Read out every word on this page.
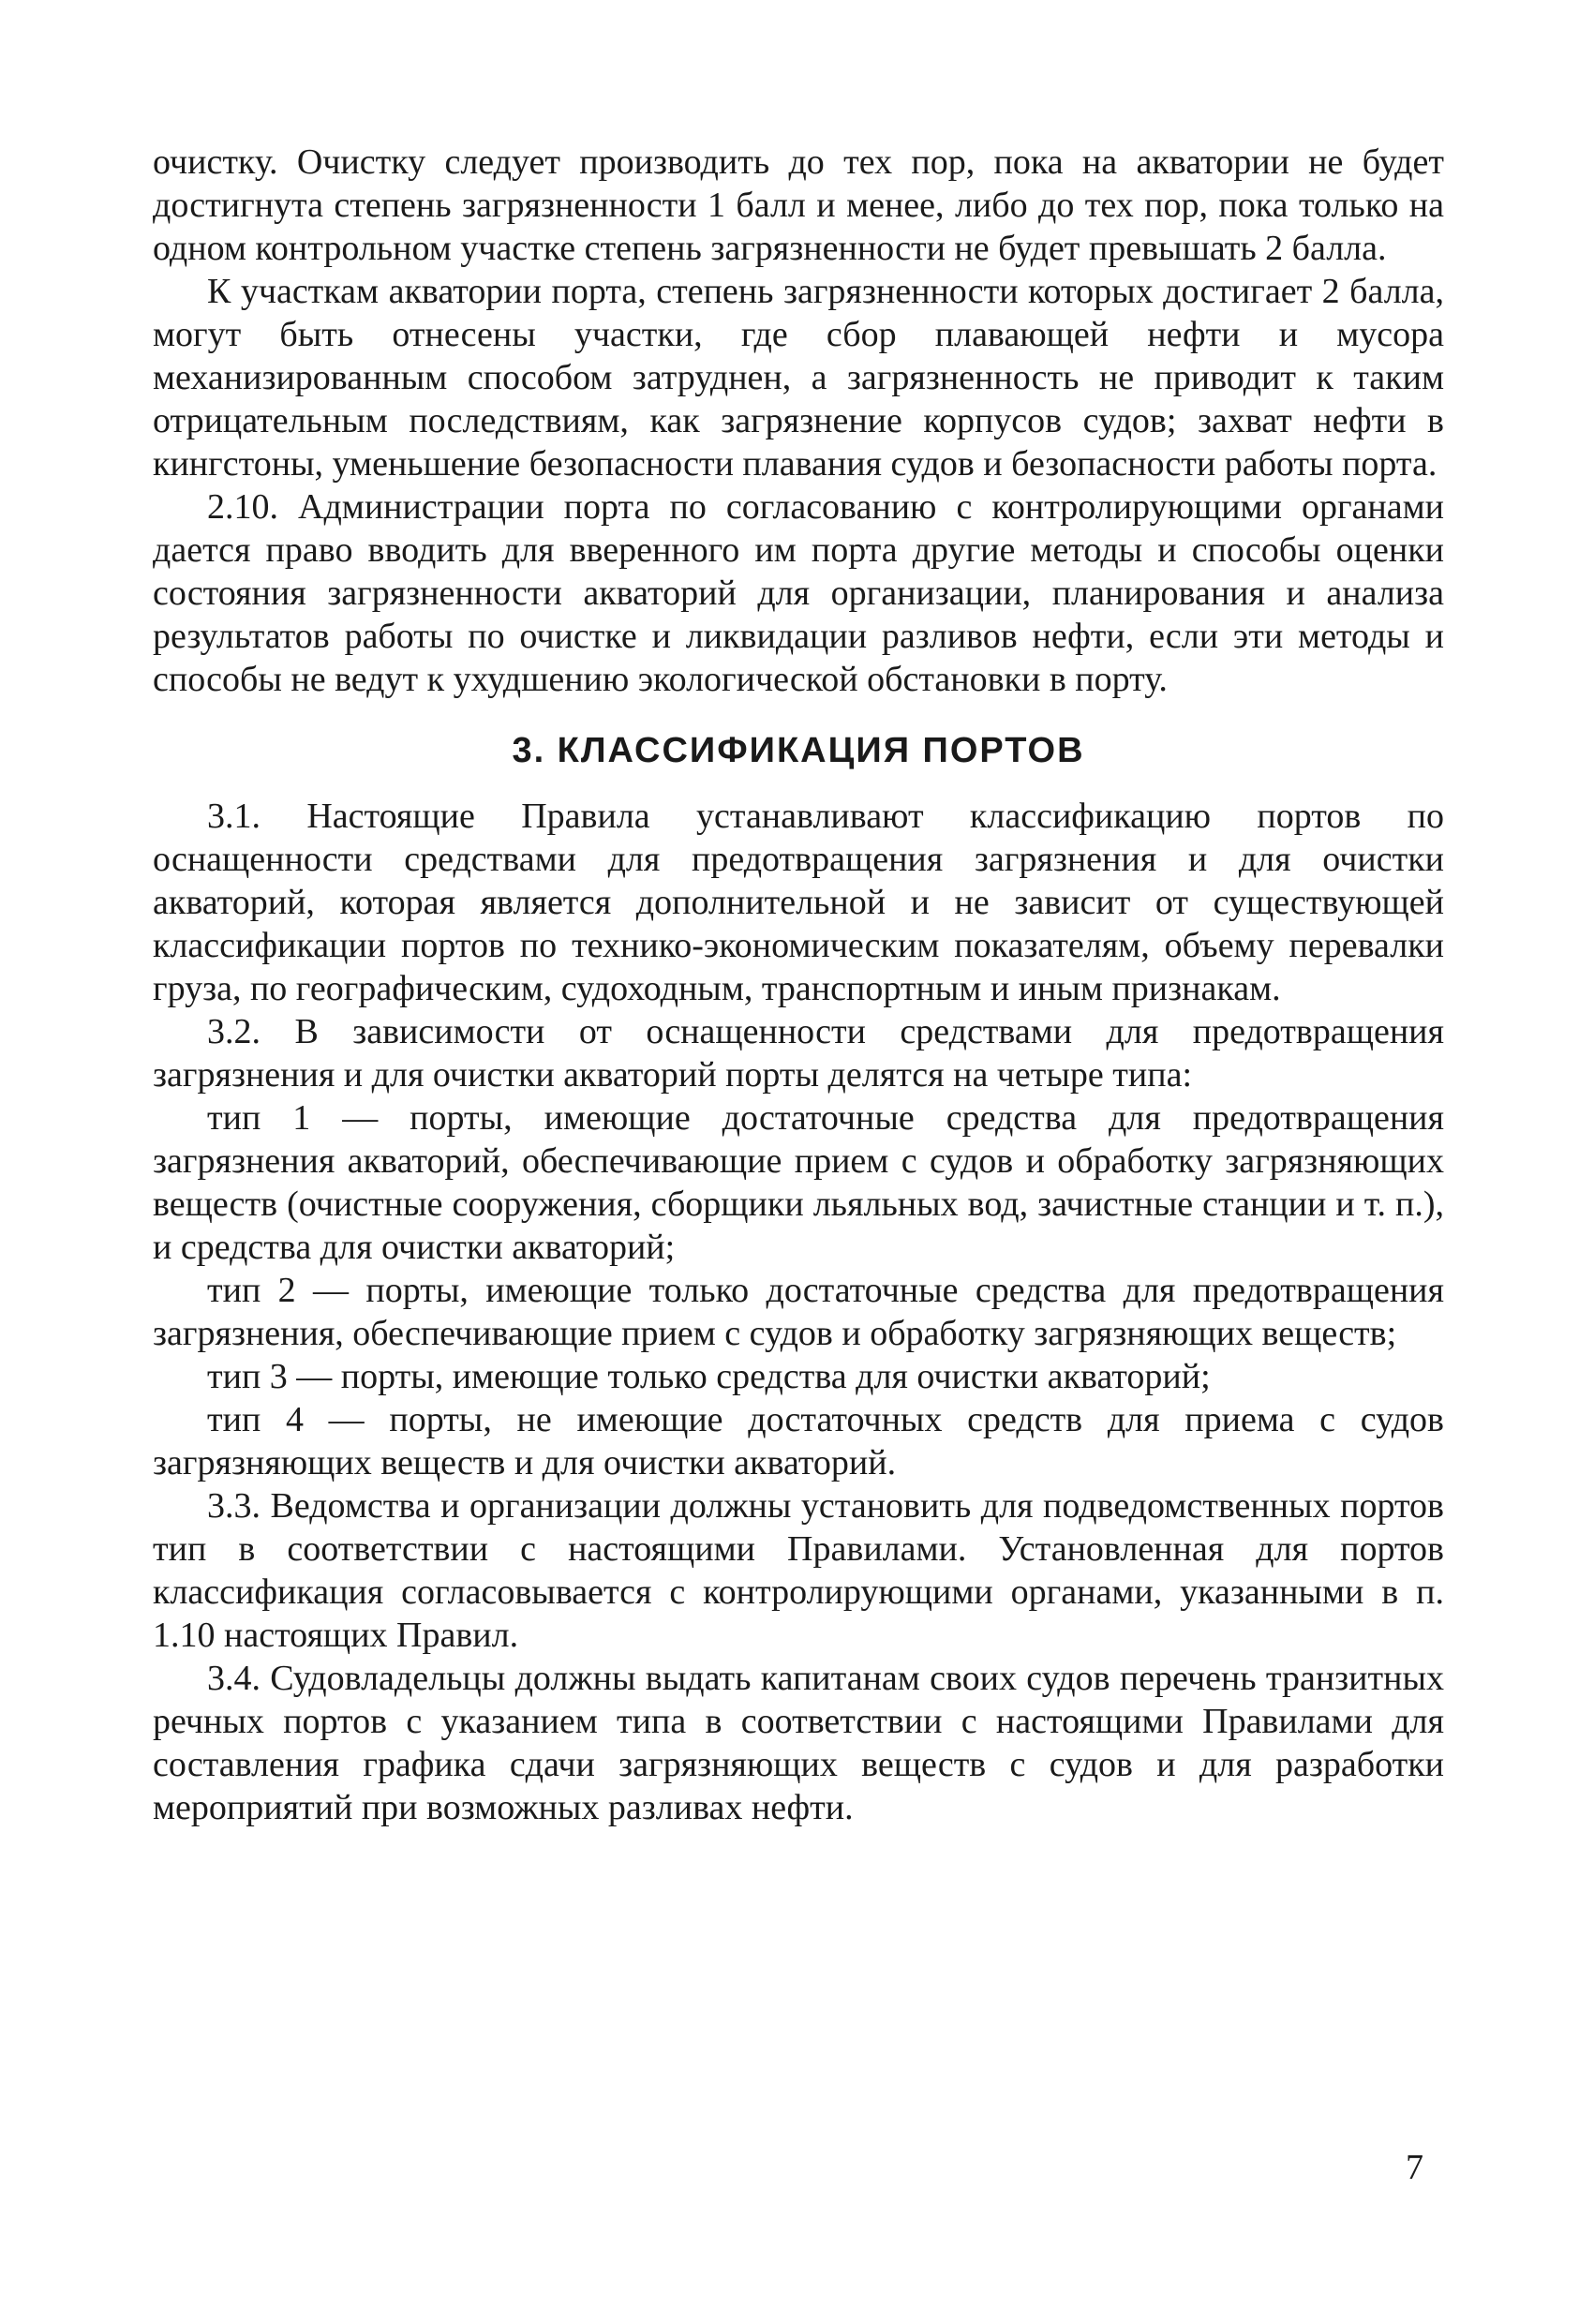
очистку. Очистку следует производить до тех пор, пока на акватории не будет достигнута степень загрязненности 1 балл и менее, либо до тех пор, пока только на одном контрольном участке степень загрязненности не будет превышать 2 балла.

К участкам акватории порта, степень загрязненности которых достигает 2 балла, могут быть отнесены участки, где сбор плавающей нефти и мусора механизированным способом затруднен, а загрязненность не приводит к таким отрицательным последствиям, как загрязнение корпусов судов; захват нефти в кингстоны, уменьшение безопасности плавания судов и безопасности работы порта.

2.10. Администрации порта по согласованию с контролирующими органами дается право вводить для вверенного им порта другие методы и способы оценки состояния загрязненности акваторий для организации, планирования и анализа результатов работы по очистке и ликвидации разливов нефти, если эти методы и способы не ведут к ухудшению экологической обстановки в порту.

3. КЛАССИФИКАЦИЯ ПОРТОВ

3.1. Настоящие Правила устанавливают классификацию портов по оснащенности средствами для предотвращения загрязнения и для очистки акваторий, которая является дополнительной и не зависит от существующей классификации портов по технико-экономическим показателям, объему перевалки груза, по географическим, судоходным, транспортным и иным признакам.

3.2. В зависимости от оснащенности средствами для предотвращения загрязнения и для очистки акваторий порты делятся на четыре типа:

тип 1 — порты, имеющие достаточные средства для предотвращения загрязнения акваторий, обеспечивающие прием с судов и обработку загрязняющих веществ (очистные сооружения, сборщики льяльных вод, зачистные станции и т. п.), и средства для очистки акваторий;

тип 2 — порты, имеющие только достаточные средства для предотвращения загрязнения, обеспечивающие прием с судов и обработку загрязняющих веществ;

тип 3 — порты, имеющие только средства для очистки акваторий;

тип 4 — порты, не имеющие достаточных средств для приема с судов загрязняющих веществ и для очистки акваторий.

3.3. Ведомства и организации должны установить для подведомственных портов тип в соответствии с настоящими Правилами. Установленная для портов классификация согласовывается с контролирующими органами, указанными в п. 1.10 настоящих Правил.

3.4. Судовладельцы должны выдать капитанам своих судов перечень транзитных речных портов с указанием типа в соответствии с настоящими Правилами для составления графика сдачи загрязняющих веществ с судов и для разработки мероприятий при возможных разливах нефти.

7
